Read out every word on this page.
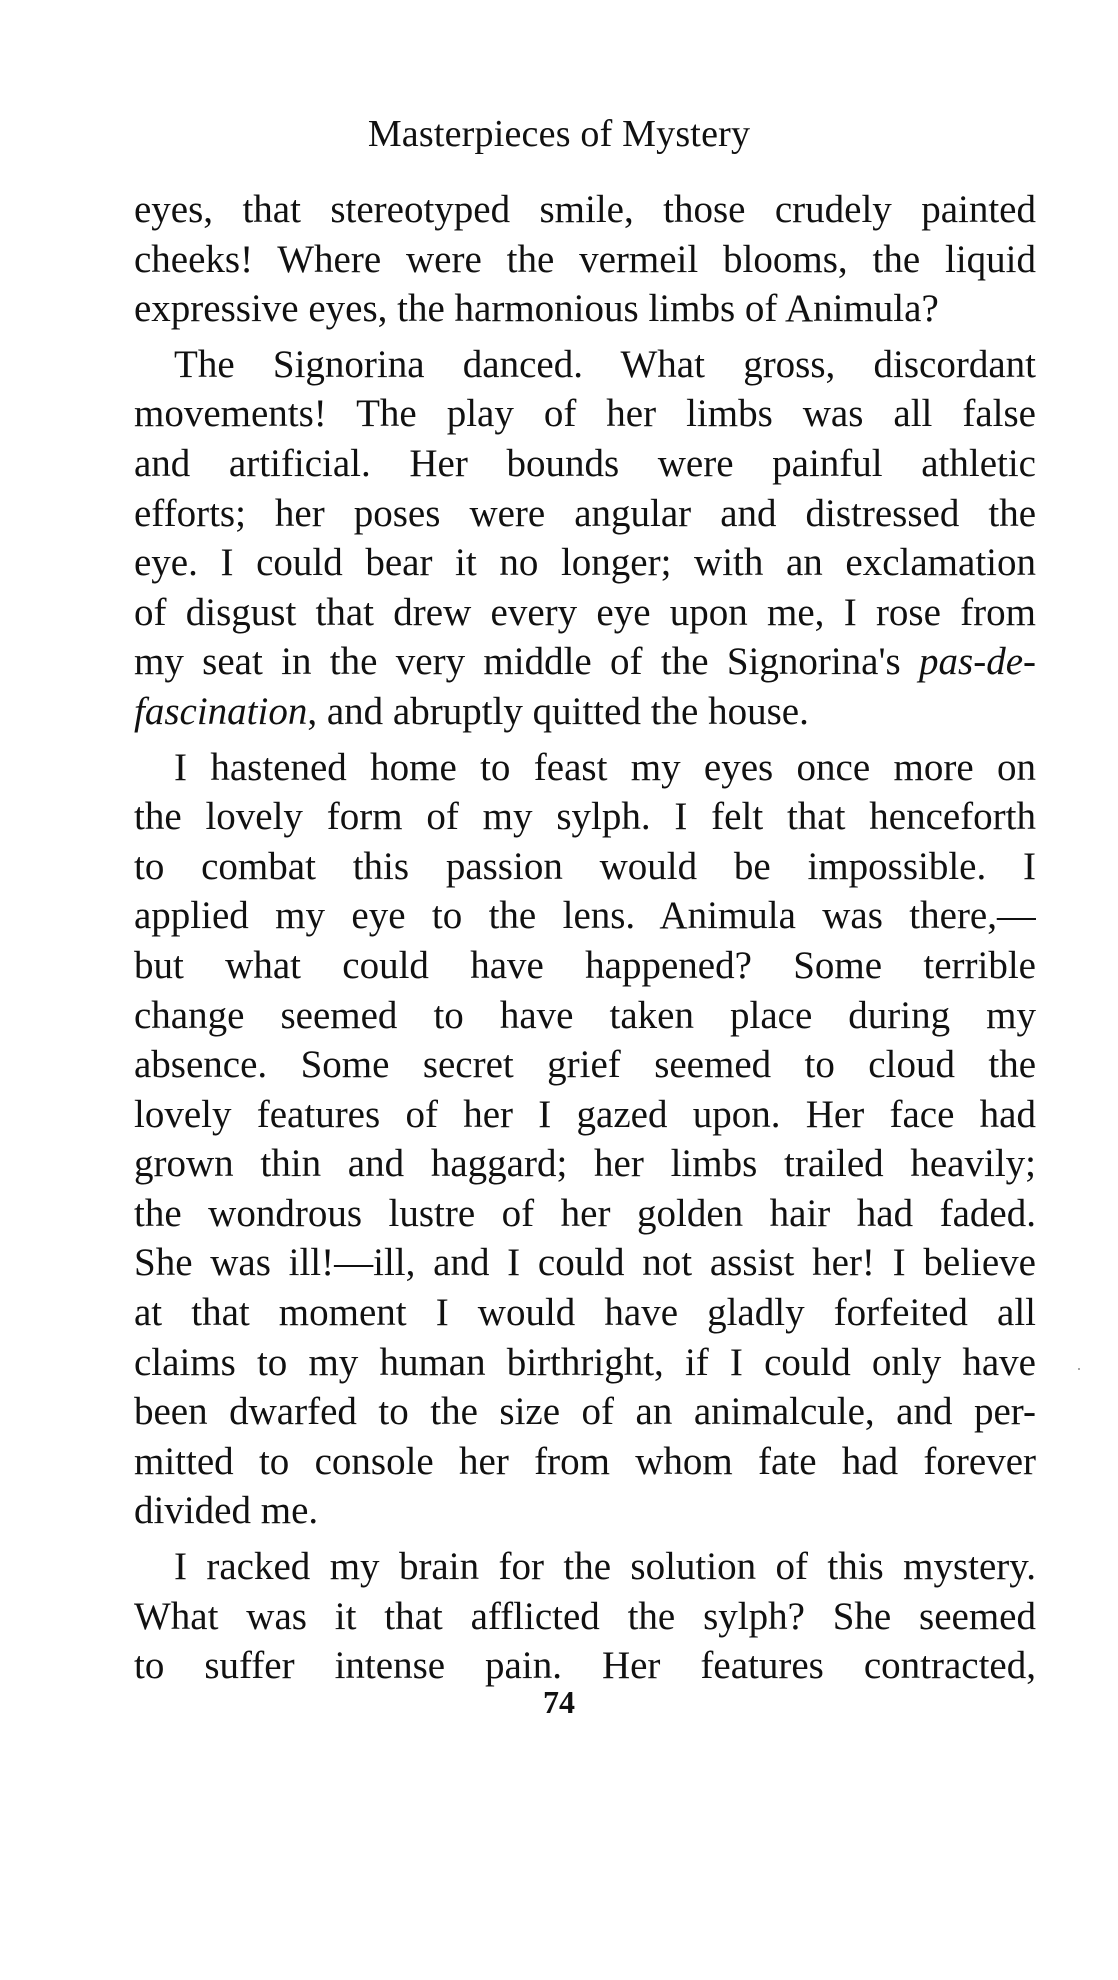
Masterpieces of Mystery
eyes, that stereotyped smile, those crudely painted
cheeks! Where were the vermeil blooms, the liquid
expressive eyes, the harmonious limbs of Animula?
The Signorina danced. What gross, discordant
movements! The play of her limbs was all false
and artificial. Her bounds were painful athletic
efforts; her poses were angular and distressed the
eye. I could bear it no longer; with an exclamation
of disgust that drew every eye upon me, I rose from
my seat in the very middle of the Signorina's pas-de-
fascination, and abruptly quitted the house.
I hastened home to feast my eyes once more on
the lovely form of my sylph. I felt that henceforth
to combat this passion would be impossible. I
applied my eye to the lens. Animula was there,—
but what could have happened? Some terrible
change seemed to have taken place during my
absence. Some secret grief seemed to cloud the
lovely features of her I gazed upon. Her face had
grown thin and haggard; her limbs trailed heavily;
the wondrous lustre of her golden hair had faded.
She was ill!—ill, and I could not assist her! I believe
at that moment I would have gladly forfeited all
claims to my human birthright, if I could only have
been dwarfed to the size of an animalcule, and per-
mitted to console her from whom fate had forever
divided me.
I racked my brain for the solution of this mystery.
What was it that afflicted the sylph? She seemed
to suffer intense pain. Her features contracted,
74
